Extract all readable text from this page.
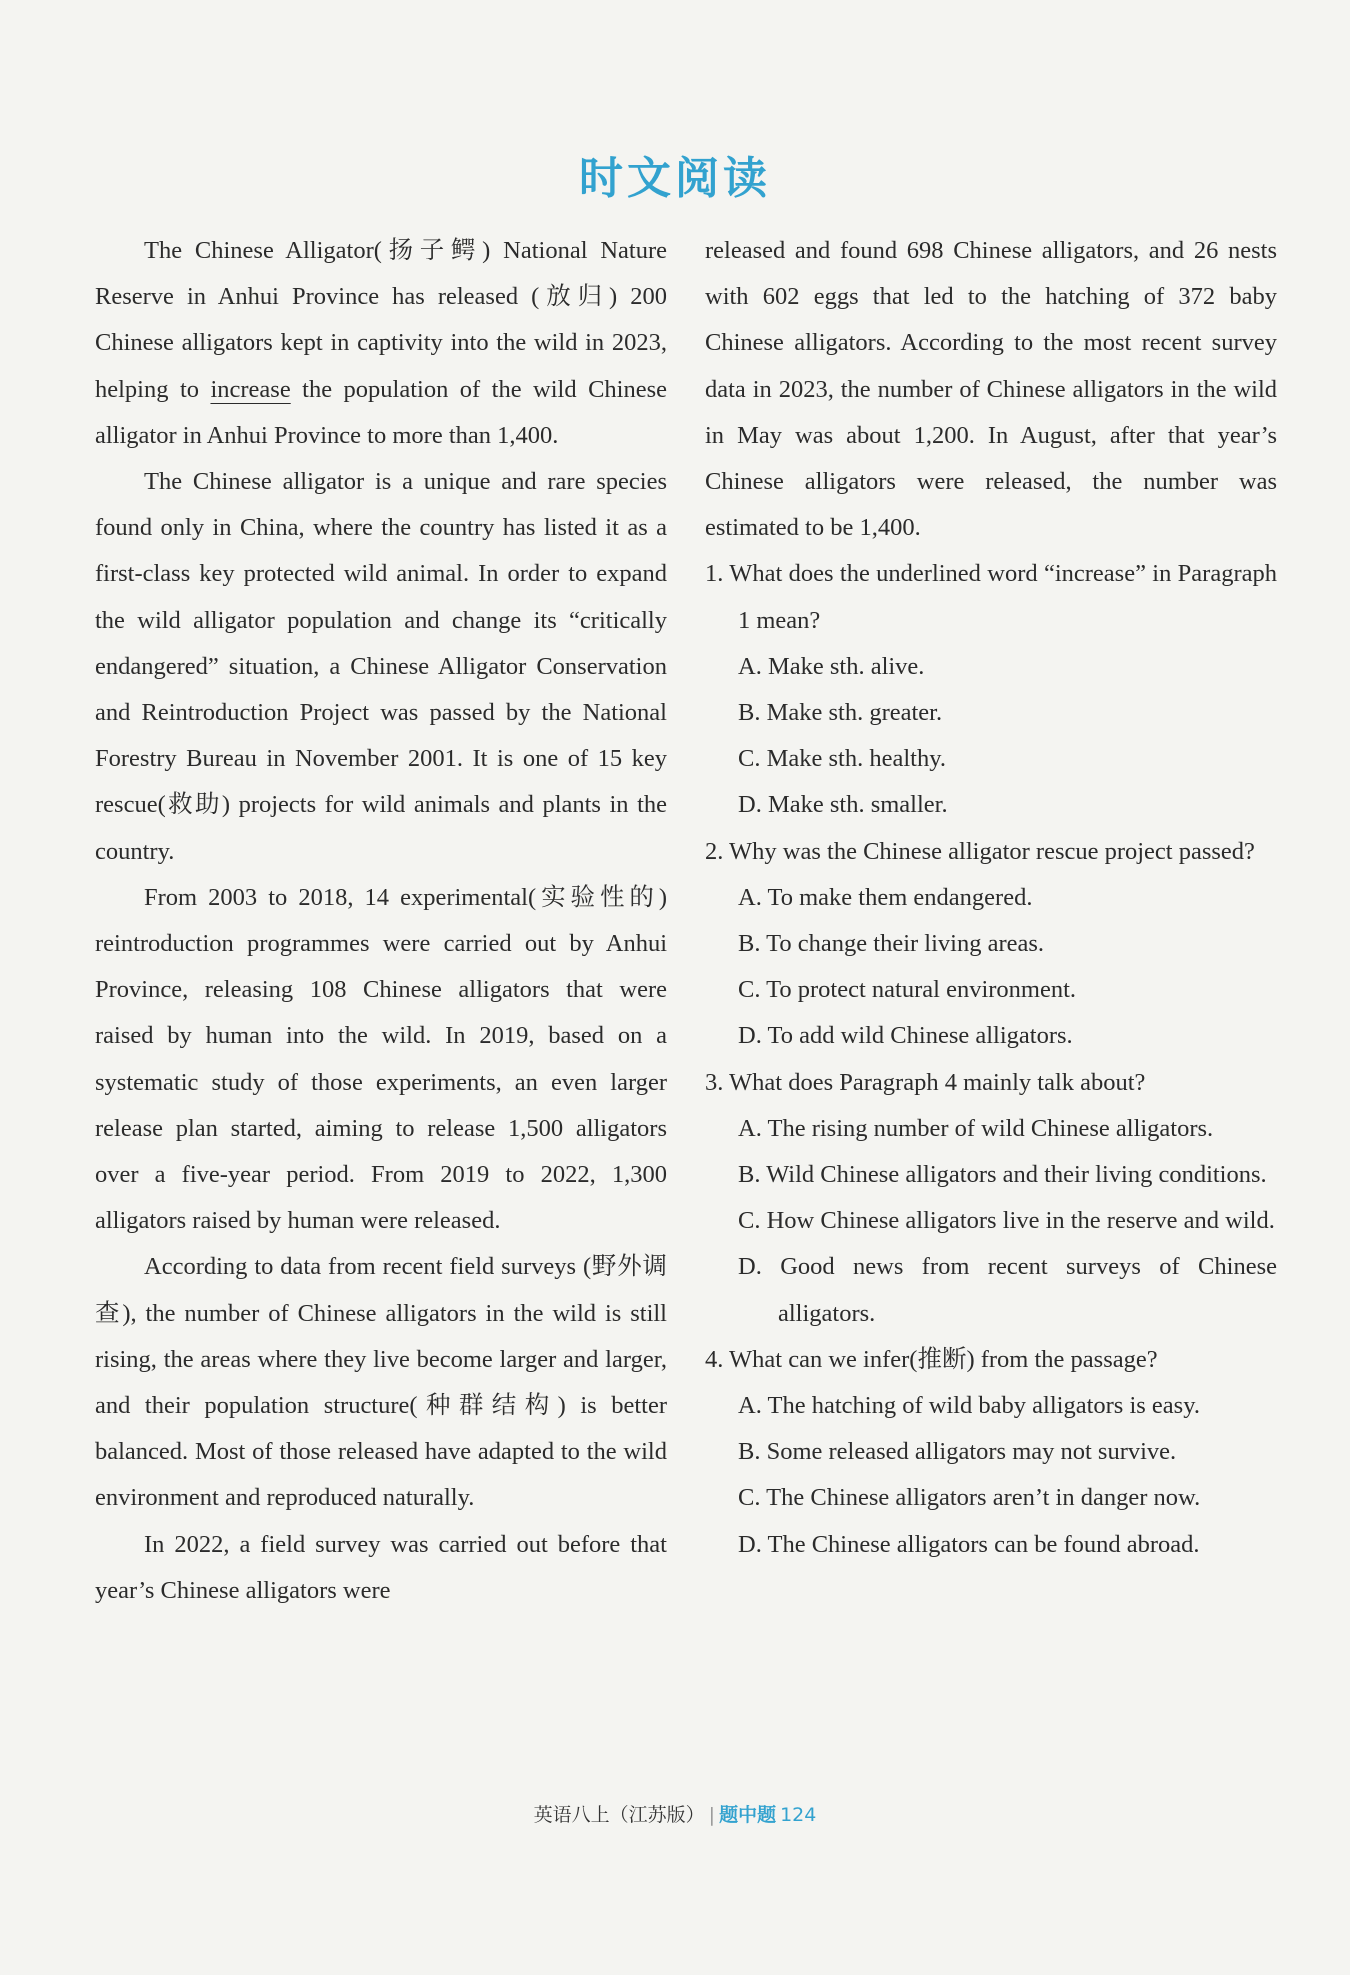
时文阅读

The Chinese Alligator(扬子鳄) National Nature Reserve in Anhui Province has released (放归) 200 Chinese alligators kept in captivity into the wild in 2023, helping to increase the population of the wild Chinese alligator in Anhui Province to more than 1,400.

The Chinese alligator is a unique and rare species found only in China, where the country has listed it as a first-class key protected wild animal. In order to expand the wild alligator population and change its “critically endangered” situation, a Chinese Alligator Conservation and Reintroduction Project was passed by the National Forestry Bureau in November 2001. It is one of 15 key rescue(救助) projects for wild animals and plants in the country.

From 2003 to 2018, 14 experimental(实验性的) reintroduction programmes were carried out by Anhui Province, releasing 108 Chinese alligators that were raised by human into the wild. In 2019, based on a systematic study of those experiments, an even larger release plan started, aiming to release 1,500 alligators over a five-year period. From 2019 to 2022, 1,300 alligators raised by human were released.

According to data from recent field surveys (野外调查), the number of Chinese alligators in the wild is still rising, the areas where they live become larger and larger, and their population structure(种群结构) is better balanced. Most of those released have adapted to the wild environment and reproduced naturally.

In 2022, a field survey was carried out before that year’s Chinese alligators were

released and found 698 Chinese alligators, and 26 nests with 602 eggs that led to the hatching of 372 baby Chinese alligators. According to the most recent survey data in 2023, the number of Chinese alligators in the wild in May was about 1,200. In August, after that year’s Chinese alligators were released, the number was estimated to be 1,400.

1. What does the underlined word “increase” in Paragraph 1 mean?

A. Make sth. alive.

B. Make sth. greater.

C. Make sth. healthy.

D. Make sth. smaller.

2. Why was the Chinese alligator rescue project passed?

A. To make them endangered.

B. To change their living areas.

C. To protect natural environment.

D. To add wild Chinese alligators.

3. What does Paragraph 4 mainly talk about?

A. The rising number of wild Chinese alligators.

B. Wild Chinese alligators and their living conditions.

C. How Chinese alligators live in the reserve and wild.

D. Good news from recent surveys of Chinese alligators.

4. What can we infer(推断) from the passage?

A. The hatching of wild baby alligators is easy.

B. Some released alligators may not survive.

C. The Chinese alligators aren’t in danger now.

D. The Chinese alligators can be found abroad.

英语八上（江苏版） | 题中题 124
